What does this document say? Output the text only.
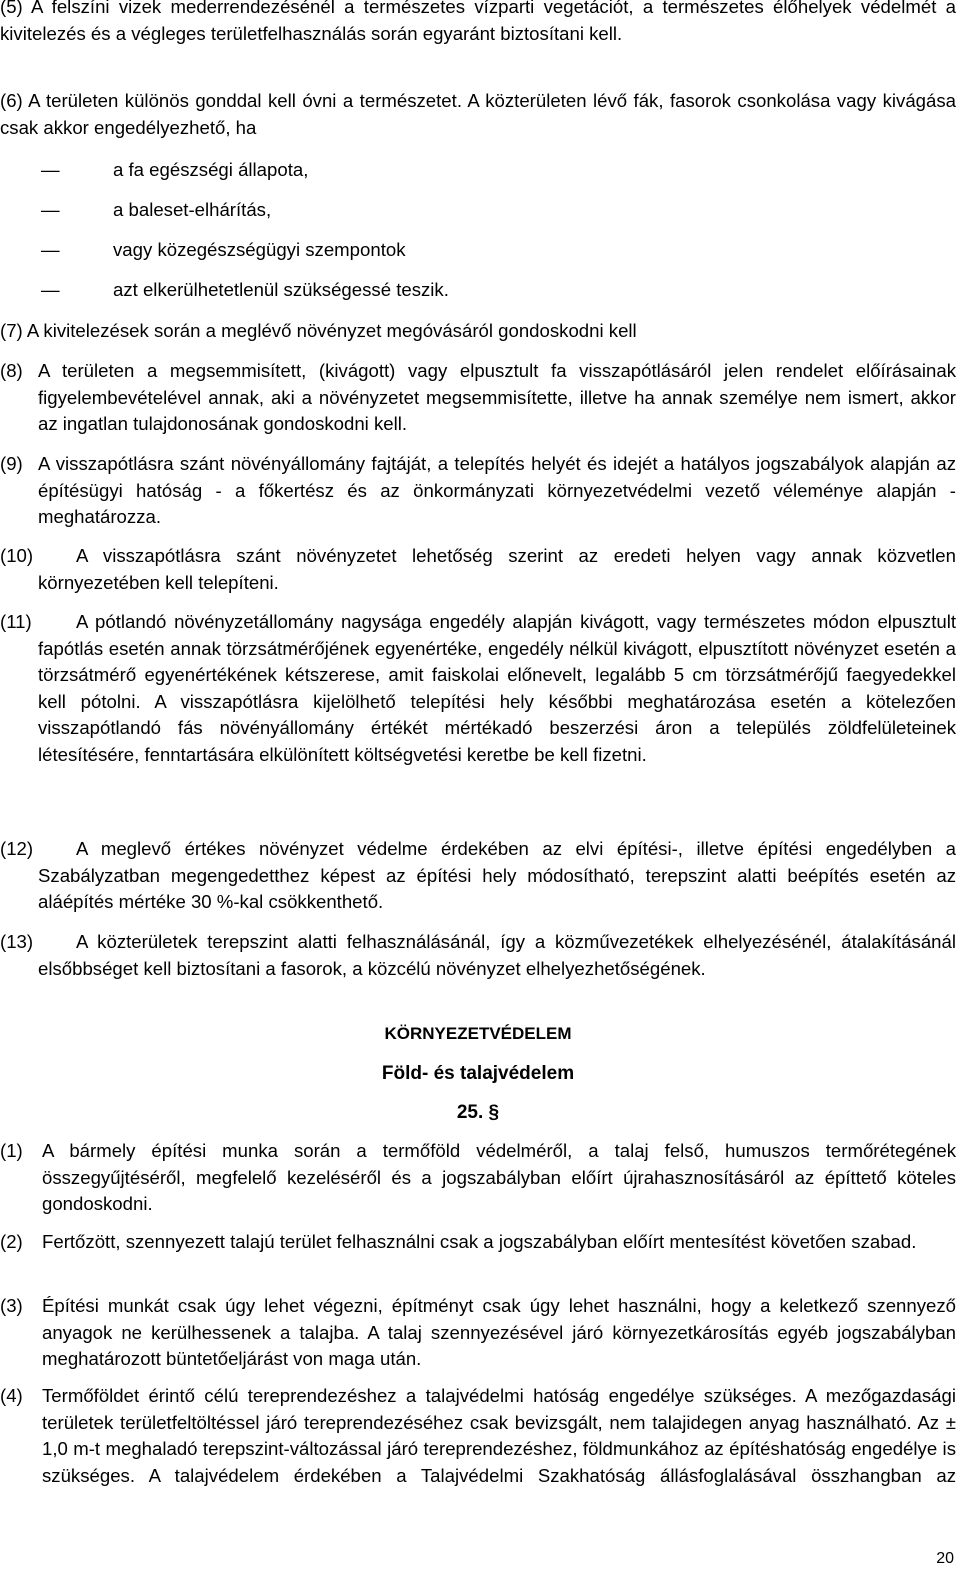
(5) A felszíni vizek mederrendezésénél a természetes vízparti vegetációt, a természetes élőhelyek védelmét a kivitelezés és a végleges területfelhasználás során egyaránt biztosítani kell.
(6) A területen különös gonddal kell óvni a természetet. A közterületen lévő fák, fasorok csonkolása vagy kivágása csak akkor engedélyezhető, ha
—	a fa egészségi állapota,
—	a baleset-elhárítás,
—	vagy közegészségügyi szempontok
—	azt elkerülhetetlenül szükségessé teszik.
(7) A kivitelezések során a meglévő növényzet megóvásáról gondoskodni kell
(8) A területen a megsemmisített, (kivágott) vagy elpusztult fa visszapótlásáról jelen rendelet előírásainak figyelembevételével annak, aki a növényzetet megsemmisítette, illetve ha annak személye nem ismert, akkor az ingatlan tulajdonosának gondoskodni kell.
(9) A visszapótlásra szánt növényállomány fajtáját, a telepítés helyét és idejét a hatályos jogszabályok alapján az építésügyi hatóság - a főkertész és az önkormányzati környezetvédelmi vezető véleménye alapján - meghatározza.
(10) A visszapótlásra szánt növényzetet lehetőség szerint az eredeti helyen vagy annak közvetlen környezetében kell telepíteni.
(11) A pótlandó növényzetállomány nagysága engedély alapján kivágott, vagy természetes módon elpusztult fapótlás esetén annak törzsátmérőjének egyenértéke, engedély nélkül kivágott, elpusztított növényzet esetén a törzsátmérő egyenértékének kétszerese, amit faiskolai előnevelt, legalább 5 cm törzsátmérőjű faegyedekkel kell pótolni. A visszapótlásra kijelölhető telepítési hely későbbi meghatározása esetén a kötelezően visszapótlandó fás növényállomány értékét mértékadó beszerzési áron a település zöldfelületeinek létesítésére, fenntartására elkülönített költségvetési keretbe be kell fizetni.
(12) A meglevő értékes növényzet védelme érdekében az elvi építési-, illetve építési engedélyben a Szabályzatban megengedetthez képest az építési hely módosítható, terepszint alatti beépítés esetén az aláépítés mértéke 30 %-kal csökkenthető.
(13) A közterületek terepszint alatti felhasználásánál, így a közművezetékek elhelyezésénél, átalakításánál elsőbbséget kell biztosítani a fasorok, a közcélú növényzet elhelyezhetőségének.
KÖRNYEZETVÉDELEM
Föld- és talajvédelem
25. §
(1) A bármely építési munka során a termőföld védelméről, a talaj felső, humuszos termőrétegének összegyűjtéséről, megfelelő kezeléséről és a jogszabályban előírt újrahasznosításáról az építtető köteles gondoskodni.
(2) Fertőzött, szennyezett talajú terület felhasználni csak a jogszabályban előírt mentesítést követően szabad.
(3) Építési munkát csak úgy lehet végezni, építményt csak úgy lehet használni, hogy a keletkező szennyező anyagok ne kerülhessenek a talajba. A talaj szennyezésével járó környezetkárosítás egyéb jogszabályban meghatározott büntetőeljárást von maga után.
(4) Termőföldet érintő célú tereprendezéshez a talajvédelmi hatóság engedélye szükséges. A mezőgazdasági területek területfeltöltéssel járó tereprendezéséhez csak bevizsgált, nem talajidegen anyag használható. Az ± 1,0 m-t meghaladó terepszint-változással járó tereprendezéshez, földmunkához az építéshatóság engedélye is szükséges. A talajvédelem érdekében a Talajvédelmi Szakhatóság állásfoglalásával összhangban az
20
